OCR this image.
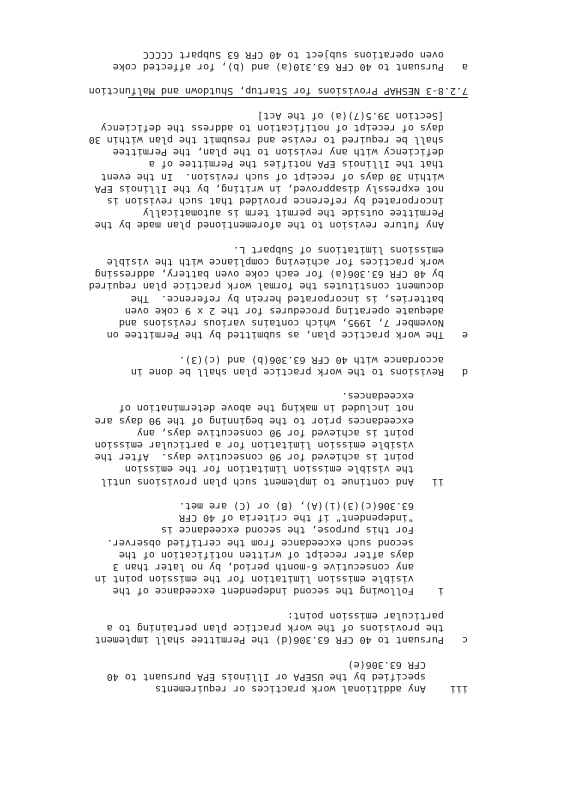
iii    Any additional work practices or requirements
specified by the USEPA or Illinois EPA pursuant to 40
CFR 63.306(e)
c   Pursuant to 40 CFR 63.306(d) the Permittee shall implement
the provisions of the work practice plan pertaining to a
particular emission point:
i    Following the second independent exceedance of the
visible emission limitation for the emission point in
any consecutive 6-month period, by no later than 3
days after receipt of written notification of the
second such exceedance from the certified observer.
For this purpose, the second exceedance is
"independent" if the criteria of 40 CFR
63.306(c)(3)(i)(A), (B) or (C) are met.
ii   And continue to implement such plan provisions until
the visible emission limitation for the emission
point is achieved for 90 consecutive days.  After the
visible emission limitation for a particular emission
point is achieved for 90 consecutive days, any
exceedances prior to the beginning of the 90 days are
not included in making the above determination of
exceedances.
d   Revisions to the work practice plan shall be done in
accordance with 40 CFR 63.306(b) and (c)(3).
e   The work practice plan, as submitted by the Permittee on
November 7, 1995, which contains various revisions and
adequate operating procedures for the 2 x 9 coke oven
batteries, is incorporated herein by reference.  The
document constitutes the formal work practice plan required
by 40 CFR 63.306(a) for each coke oven battery, addressing
work practices for achieving compliance with the visible
emissions limitations of Subpart L.
Any future revision to the aforementioned plan made by the
Permittee outside the permit term is automatically
incorporated by reference provided that such revision is
not expressly disapproved, in writing, by the Illinois EPA
within 30 days of receipt of such revision.  In the event
that the Illinois EPA notifies the Permittee of a
deficiency with any revision to the plan, the Permittee
shall be required to revise and resubmit the plan within 30
days of receipt of notification to address the deficiency
[Section 39.5(7)(a) of the Act]
7.2.8-3 NESHAP Provisions for Startup, Shutdown and Malfunction
a   Pursuant to 40 CFR 63.310(a) and (b), for affected coke
oven operations subject to 40 CFR 63 Subpart CCCCC
